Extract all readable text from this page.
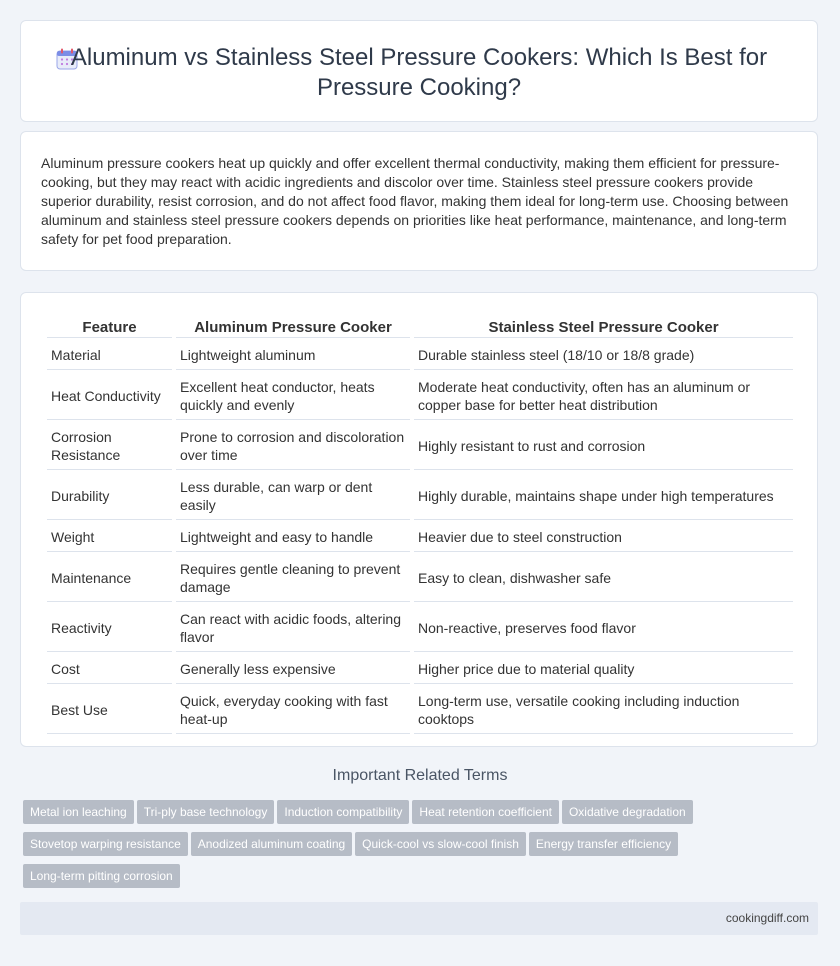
Aluminum vs Stainless Steel Pressure Cookers: Which Is Best for Pressure Cooking?
Aluminum pressure cookers heat up quickly and offer excellent thermal conductivity, making them efficient for pressure-cooking, but they may react with acidic ingredients and discolor over time. Stainless steel pressure cookers provide superior durability, resist corrosion, and do not affect food flavor, making them ideal for long-term use. Choosing between aluminum and stainless steel pressure cookers depends on priorities like heat performance, maintenance, and long-term safety for pet food preparation.
Feature	Aluminum Pressure Cooker	Stainless Steel Pressure Cooker
Material	Lightweight aluminum	Durable stainless steel (18/10 or 18/8 grade)
Heat Conductivity	Excellent heat conductor, heats quickly and evenly	Moderate heat conductivity, often has an aluminum or copper base for better heat distribution
Corrosion Resistance	Prone to corrosion and discoloration over time	Highly resistant to rust and corrosion
Durability	Less durable, can warp or dent easily	Highly durable, maintains shape under high temperatures
Weight	Lightweight and easy to handle	Heavier due to steel construction
Maintenance	Requires gentle cleaning to prevent damage	Easy to clean, dishwasher safe
Reactivity	Can react with acidic foods, altering flavor	Non-reactive, preserves food flavor
Cost	Generally less expensive	Higher price due to material quality
Best Use	Quick, everyday cooking with fast heat-up	Long-term use, versatile cooking including induction cooktops
Important Related Terms
Metal ion leaching Tri-ply base technology Induction compatibility Heat retention coefficient Oxidative degradation
Stovetop warping resistance Anodized aluminum coating Quick-cool vs slow-cool finish Energy transfer efficiency
Long-term pitting corrosion
cookingdiff.com
